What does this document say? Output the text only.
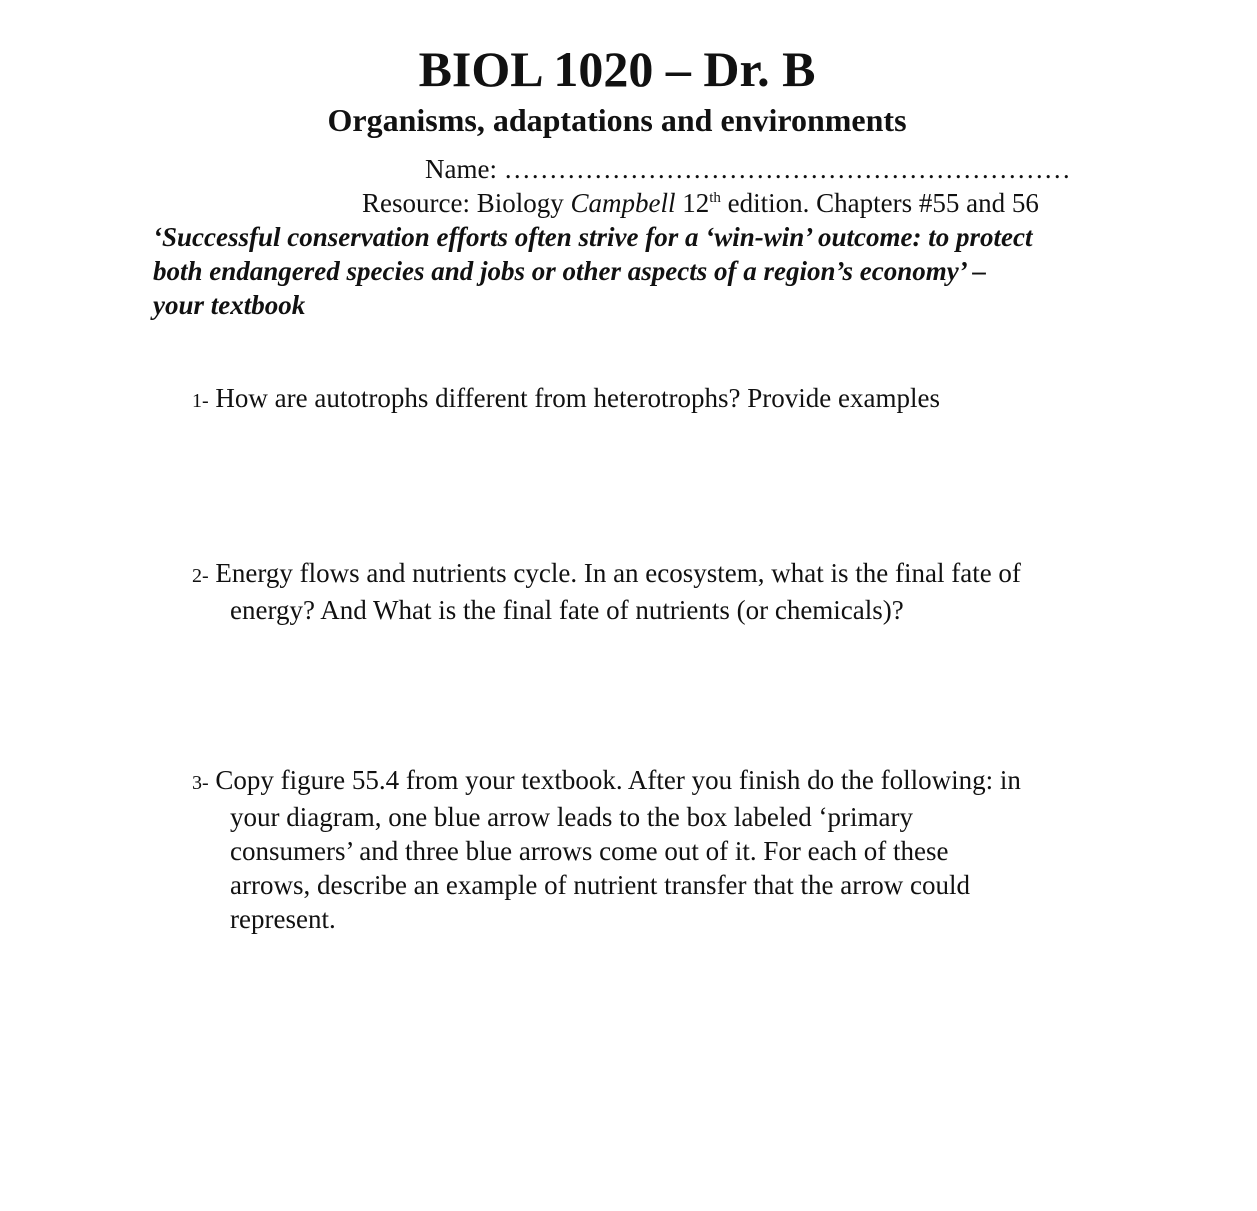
BIOL 1020 – Dr. B
Organisms, adaptations and environments
Name: ………………………………………………………
Resource: Biology Campbell 12th edition. Chapters #55 and 56
‘Successful conservation efforts often strive for a ‘win-win’ outcome: to protect both endangered species and jobs or other aspects of a region’s economy’ – your textbook
1- How are autotrophs different from heterotrophs? Provide examples
2- Energy flows and nutrients cycle. In an ecosystem, what is the final fate of
energy? And What is the final fate of nutrients (or chemicals)?
3- Copy figure 55.4 from your textbook. After you finish do the following: in
your diagram, one blue arrow leads to the box labeled ‘primary consumers’ and three blue arrows come out of it. For each of these arrows, describe an example of nutrient transfer that the arrow could represent.
